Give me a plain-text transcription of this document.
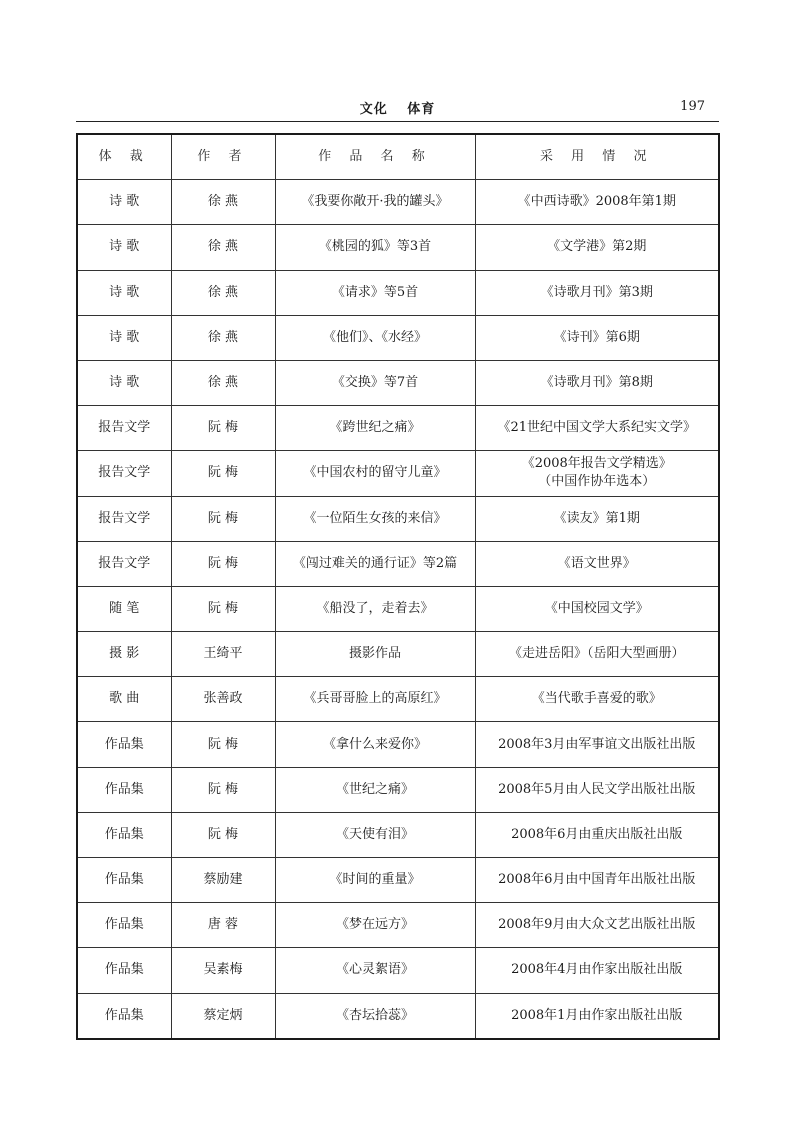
文化 体育	197
体 裁	作 者	作 品 名 称	采 用 情 况
诗 歌	徐 燕	《我要你敞开·我的罐头》	《中西诗歌》2008年第1期
诗 歌	徐 燕	《桃园的狐》等3首	《文学港》第2期
诗 歌	徐 燕	《请求》等5首	《诗歌月刊》第3期
诗 歌	徐 燕	《他们》、《水经》	《诗刊》第6期
诗 歌	徐 燕	《交换》等7首	《诗歌月刊》第8期
报告文学	阮 梅	《跨世纪之痛》	《21世纪中国文学大系纪实文学》
报告文学	阮 梅	《中国农村的留守儿童》	《2008年报告文学精选》
（中国作协年选本）
报告文学	阮 梅	《一位陌生女孩的来信》	《读友》第1期
报告文学	阮 梅	《闯过难关的通行证》等2篇	《语文世界》
随 笔	阮 梅	《船没了，走着去》	《中国校园文学》
摄 影	王绮平	摄影作品	《走进岳阳》（岳阳大型画册）
歌 曲	张善政	《兵哥哥脸上的高原红》	《当代歌手喜爱的歌》
作品集	阮 梅	《拿什么来爱你》	2008年3月由军事谊文出版社出版
作品集	阮 梅	《世纪之痛》	2008年5月由人民文学出版社出版
作品集	阮 梅	《天使有泪》	2008年6月由重庆出版社出版
作品集	蔡励建	《时间的重量》	2008年6月由中国青年出版社出版
作品集	唐 蓉	《梦在远方》	2008年9月由大众文艺出版社出版
作品集	吴素梅	《心灵絮语》	2008年4月由作家出版社出版
作品集	蔡定炳	《杏坛拾蕊》	2008年1月由作家出版社出版
